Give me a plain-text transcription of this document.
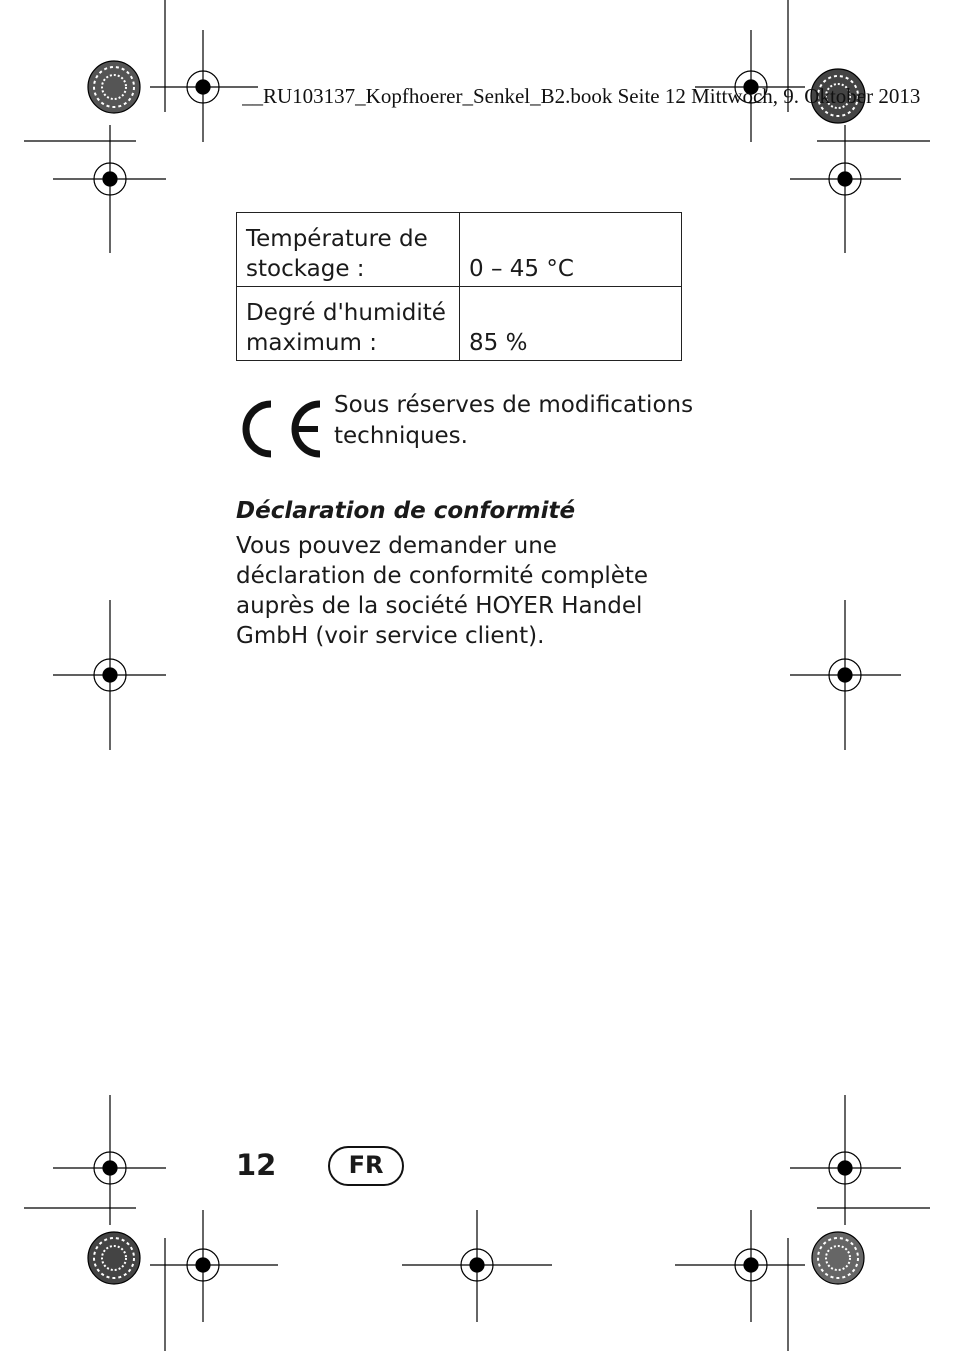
__RU103137_Kopfhoerer_Senkel_B2.book Seite 12 Mittwoch, 9. Oktober 2013
Température de stockage :	0 – 45 °C
Degré d'humidité maximum :	85 %
Sous réserves de modifications techniques.
Déclaration de conformité
Vous pouvez demander une déclaration de conformité complète auprès de la société HOYER Handel GmbH (voir service client).
12	FR
